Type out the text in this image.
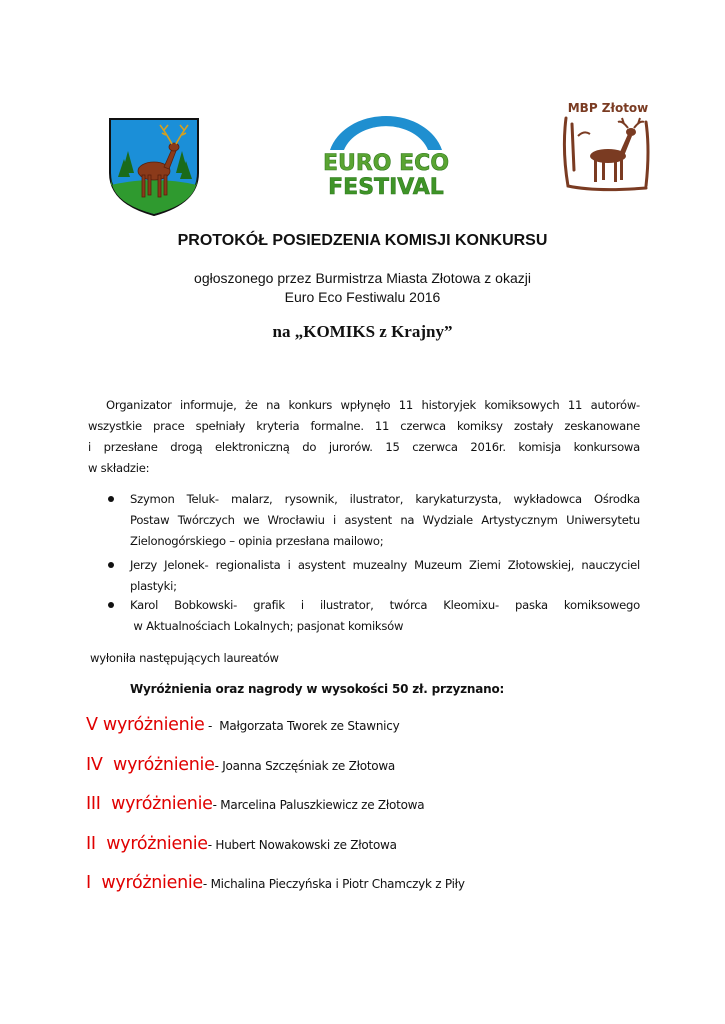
ZŁOTÓW
EURO ECO
FESTIVAL
MBP Złotow
PROTOKÓŁ POSIEDZENIA KOMISJI KONKURSU
ogłoszonego przez Burmistrza Miasta Złotowa z okazji
Euro Eco Festiwalu 2016
na „KOMIKS z Krajny”
Organizator informuje, że na konkurs wpłynęło 11 historyjek komiksowych 11 autorów-
wszystkie prace spełniały kryteria formalne. 11 czerwca komiksy zostały zeskanowane
i przesłane drogą elektroniczną do jurorów. 15 czerwca 2016r. komisja konkursowa
w składzie:
Szymon Teluk- malarz, rysownik, ilustrator, karykaturzysta, wykładowca Ośrodka
Postaw Twórczych we Wrocławiu i asystent na Wydziale Artystycznym Uniwersytetu
Zielonogórskiego – opinia przesłana mailowo;
Jerzy Jelonek- regionalista i asystent muzealny Muzeum Ziemi Złotowskiej, nauczyciel
plastyki;
Karol Bobkowski- grafik i ilustrator, twórca Kleomixu- paska komiksowego
w Aktualnościach Lokalnych; pasjonat komiksów
wyłoniła następujących laureatów
Wyróżnienia oraz nagrody w wysokości 50 zł. przyznano:
V wyróżnienie -  Małgorzata Tworek ze Stawnicy
IV  wyróżnienie- Joanna Szczęśniak ze Złotowa
III  wyróżnienie- Marcelina Paluszkiewicz ze Złotowa
II  wyróżnienie- Hubert Nowakowski ze Złotowa
I  wyróżnienie- Michalina Pieczyńska i Piotr Chamczyk z Piły
